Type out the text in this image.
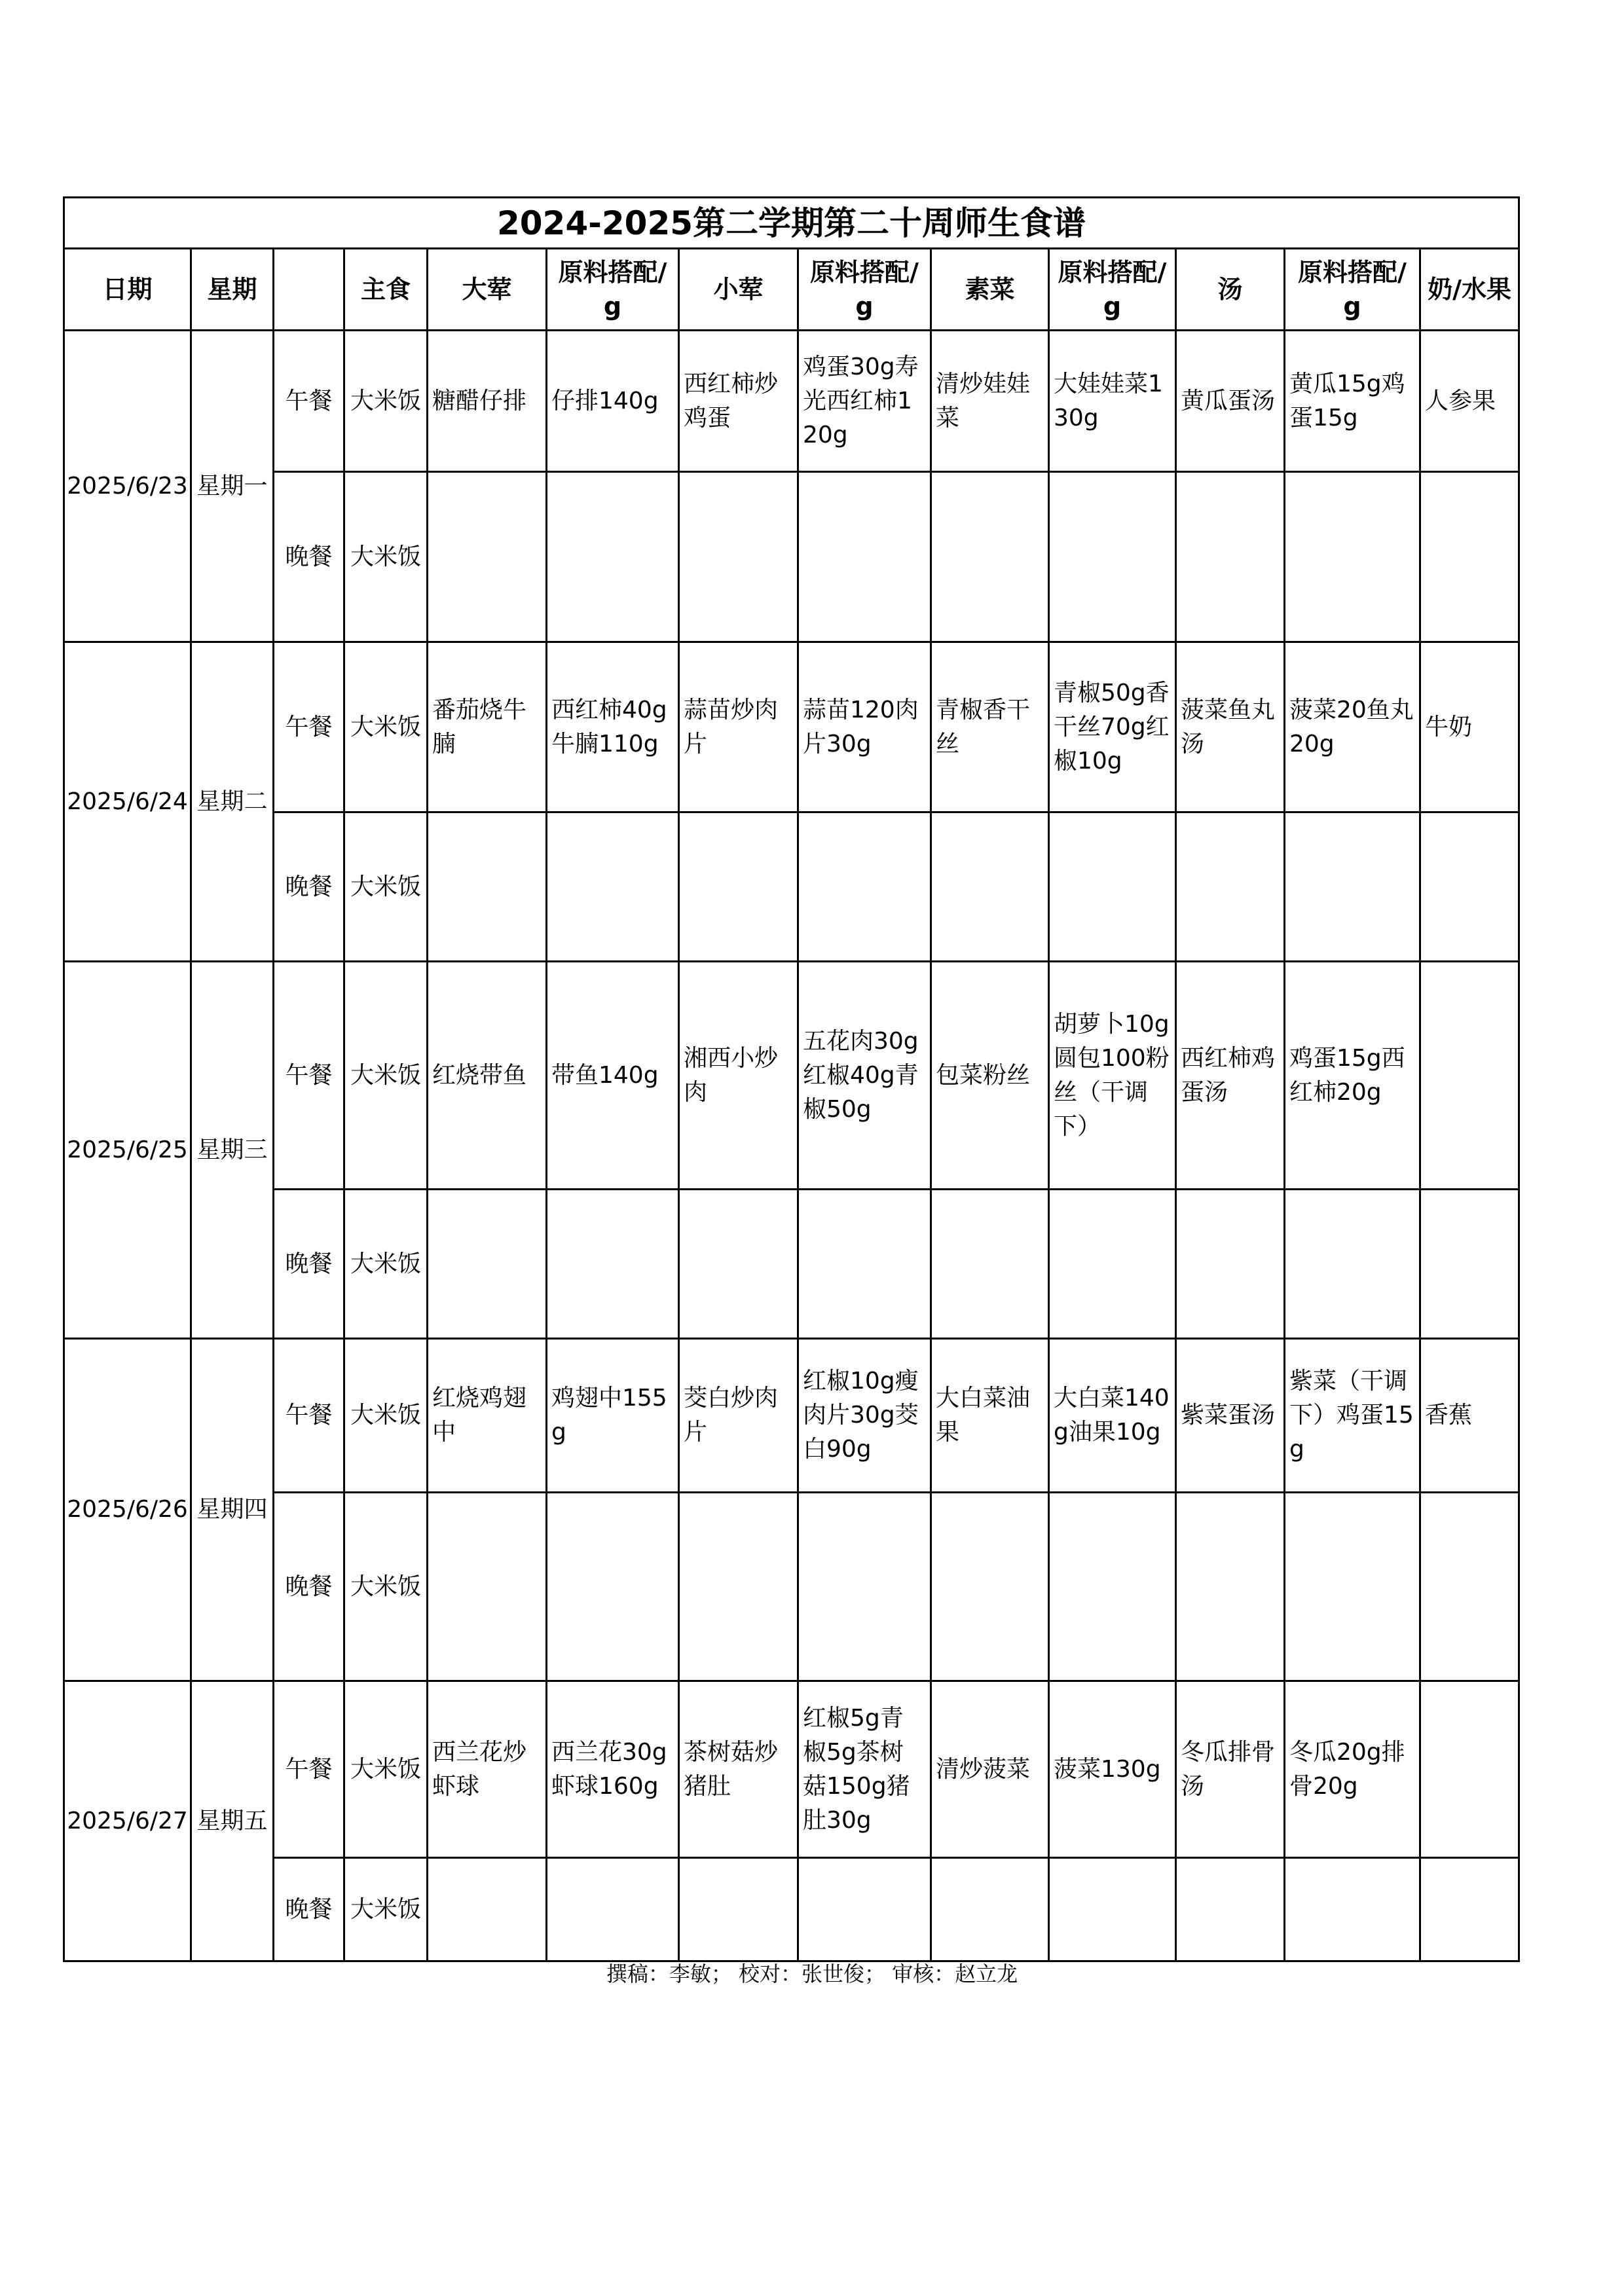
2024-2025第二学期第二十周师生食谱												
日期	星期		主食	大荤	原料搭配/g	小荤	原料搭配/g	素菜	原料搭配/g	汤	原料搭配/g	奶/水果
2025/6/23	星期一	午餐	大米饭	糖醋仔排	仔排140g	西红柿炒鸡蛋	鸡蛋30g寿光西红柿120g	清炒娃娃菜	大娃娃菜130g	黄瓜蛋汤	黄瓜15g鸡蛋15g	人参果
		晚餐	大米饭									
2025/6/24	星期二	午餐	大米饭	番茄烧牛腩	西红柿40g牛腩110g	蒜苗炒肉片	蒜苗120肉片30g	青椒香干丝	青椒50g香干丝70g红椒10g	菠菜鱼丸汤	菠菜20鱼丸20g	牛奶
		晚餐	大米饭									
2025/6/25	星期三	午餐	大米饭	红烧带鱼	带鱼140g	湘西小炒肉	五花肉30g红椒40g青椒50g	包菜粉丝	胡萝卜10g圆包100粉丝（干调下）	西红柿鸡蛋汤	鸡蛋15g西红柿20g	
		晚餐	大米饭									
2025/6/26	星期四	午餐	大米饭	红烧鸡翅中	鸡翅中155g	茭白炒肉片	红椒10g瘦肉片30g茭白90g	大白菜油果	大白菜140g油果10g	紫菜蛋汤	紫菜（干调下）鸡蛋15g	香蕉
		晚餐	大米饭									
2025/6/27	星期五	午餐	大米饭	西兰花炒虾球	西兰花30g虾球160g	茶树菇炒猪肚	红椒5g青椒5g茶树菇150g猪肚30g	清炒菠菜	菠菜130g	冬瓜排骨汤	冬瓜20g排骨20g	
		晚餐	大米饭									
撰稿：李敏； 校对：张世俊； 审核：赵立龙
